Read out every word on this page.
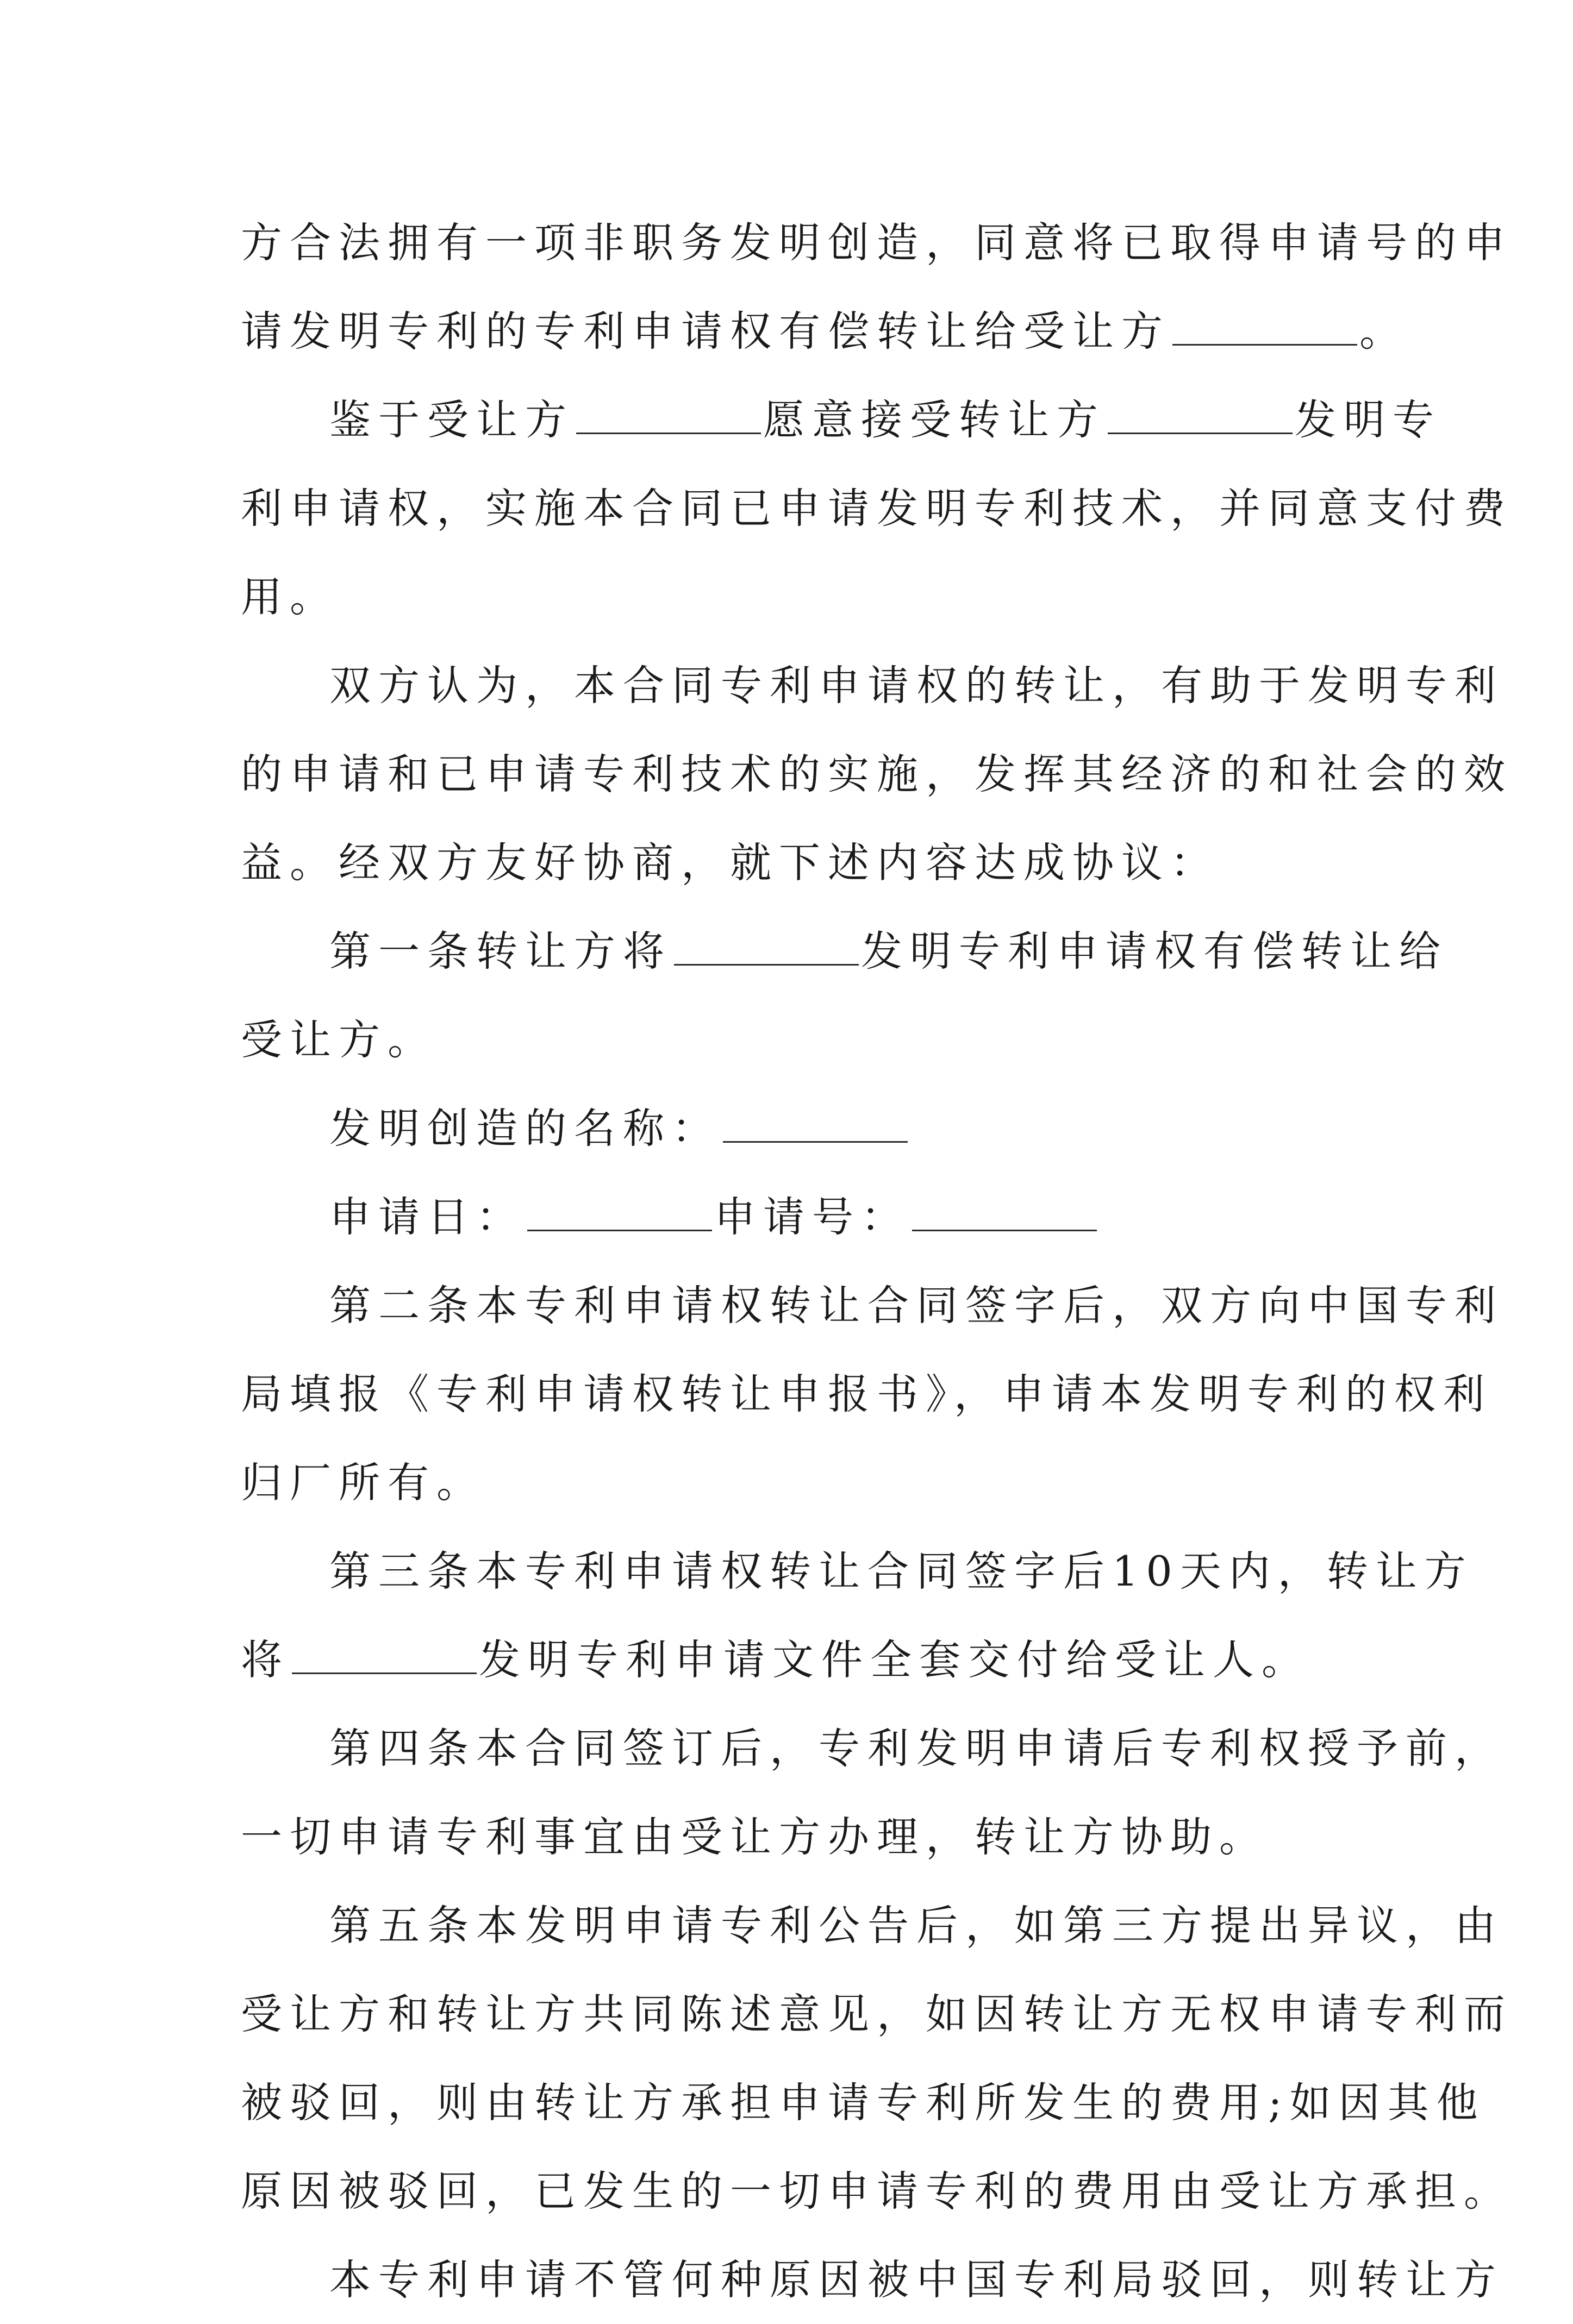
方合法拥有一项非职务发明创造，同意将已取得申请号的申
请发明专利的专利申请权有偿转让给受让方	。
鉴于受让方	愿意接受转让方	发明专
利申请权，实施本合同已申请发明专利技术，并同意支付费
用。
双方认为，本合同专利申请权的转让，有助于发明专利
的申请和已申请专利技术的实施，发挥其经济的和社会的效
益。经双方友好协商，就下述内容达成协议：
第一条转让方将	发明专利申请权有偿转让给
受让方。
发明创造的名称：
申请日：	申请号：
第二条本专利申请权转让合同签字后，双方向中国专利
局填报《专利申请权转让申报书》，申请本发明专利的权利
归厂所有。
第三条本专利申请权转让合同签字后10天内，转让方
将	发明专利申请文件全套交付给受让人。
第四条本合同签订后，专利发明申请后专利权授予前，
一切申请专利事宜由受让方办理，转让方协助。
第五条本发明申请专利公告后，如第三方提出异议，由
受让方和转让方共同陈述意见，如因转让方无权申请专利而
被驳回，则由转让方承担申请专利所发生的费用;如因其他
原因被驳回，已发生的一切申请专利的费用由受让方承担。
本专利申请不管何种原因被中国专利局驳回，则转让方
